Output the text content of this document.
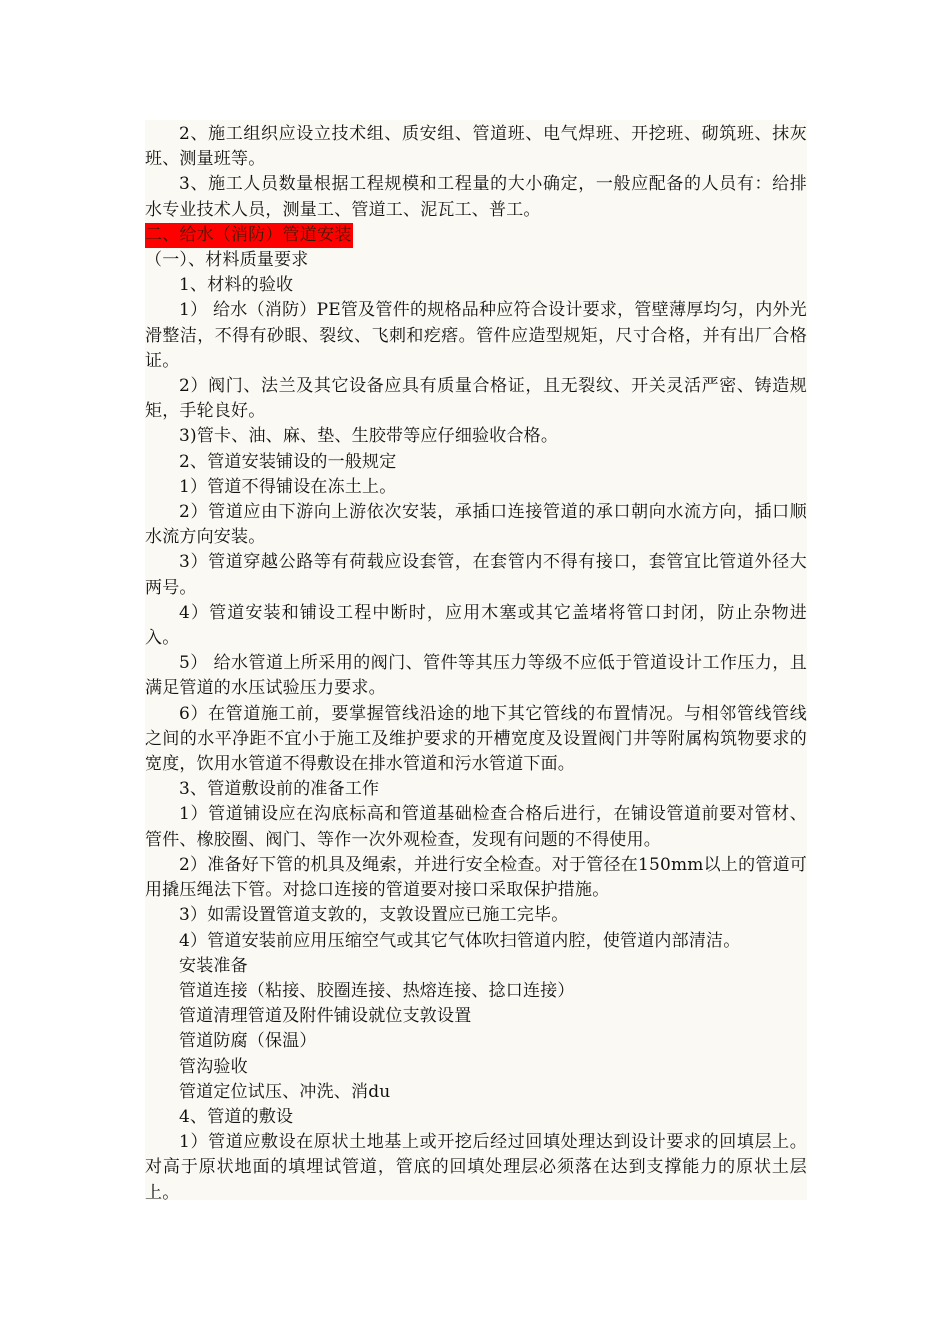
2、施工组织应设立技术组、质安组、管道班、电气焊班、开挖班、砌筑班、抹灰班、测量班等。

3、施工人员数量根据工程规模和工程量的大小确定，一般应配备的人员有：给排水专业技术人员，测量工、管道工、泥瓦工、普工。

二、给水（消防）管道安装

（一）、材料质量要求

1、材料的验收

1） 给水（消防）PE管及管件的规格品种应符合设计要求，管壁薄厚均匀，内外光滑整洁，不得有砂眼、裂纹、飞刺和疙瘩。管件应造型规矩，尺寸合格，并有出厂合格证。

2）阀门、法兰及其它设备应具有质量合格证，且无裂纹、开关灵活严密、铸造规矩，手轮良好。

3)管卡、油、麻、垫、生胶带等应仔细验收合格。

2、管道安装铺设的一般规定

1）管道不得铺设在冻土上。

2）管道应由下游向上游依次安装，承插口连接管道的承口朝向水流方向，插口顺水流方向安装。

3）管道穿越公路等有荷载应设套管，在套管内不得有接口，套管宜比管道外径大两号。

4）管道安装和铺设工程中断时，应用木塞或其它盖堵将管口封闭，防止杂物进入。

5） 给水管道上所采用的阀门、管件等其压力等级不应低于管道设计工作压力，且满足管道的水压试验压力要求。

6）在管道施工前，要掌握管线沿途的地下其它管线的布置情况。与相邻管线管线之间的水平净距不宜小于施工及维护要求的开槽宽度及设置阀门井等附属构筑物要求的宽度，饮用水管道不得敷设在排水管道和污水管道下面。

3、管道敷设前的准备工作

1）管道铺设应在沟底标高和管道基础检查合格后进行，在铺设管道前要对管材、管件、橡胶圈、阀门、等作一次外观检查，发现有问题的不得使用。

2）准备好下管的机具及绳索，并进行安全检查。对于管径在150mm以上的管道可用撬压绳法下管。对捻口连接的管道要对接口采取保护措施。

3）如需设置管道支敦的，支敦设置应已施工完毕。

4）管道安装前应用压缩空气或其它气体吹扫管道内腔，使管道内部清洁。

安装准备

管道连接（粘接、胶圈连接、热熔连接、捻口连接）

管道清理管道及附件铺设就位支敦设置

管道防腐（保温）

管沟验收

管道定位试压、冲洗、消du

4、管道的敷设

1）管道应敷设在原状土地基上或开挖后经过回填处理达到设计要求的回填层上。对高于原状地面的填埋试管道，管底的回填处理层必须落在达到支撑能力的原状土层上。
